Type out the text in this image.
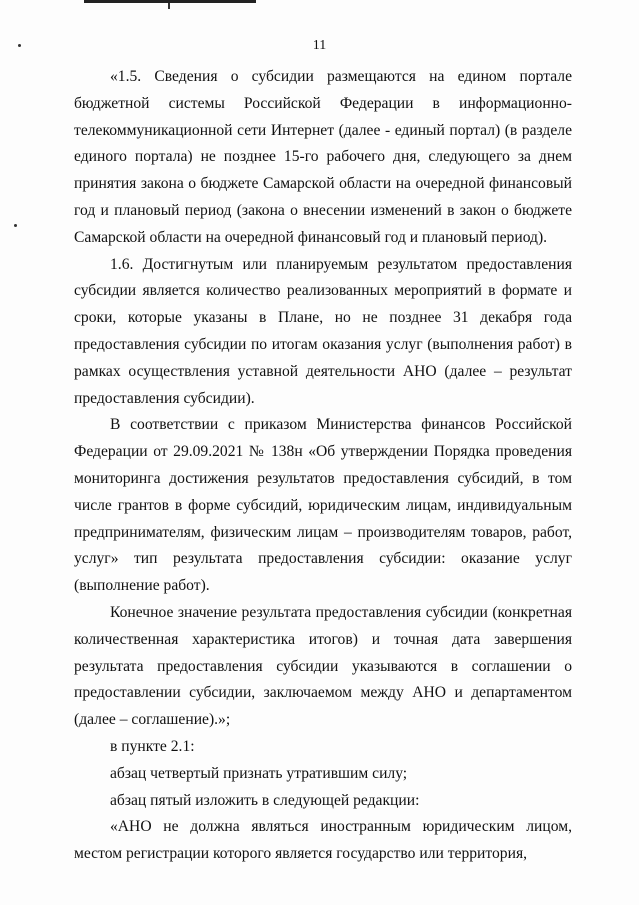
11

«1.5. Сведения о субсидии размещаются на едином портале бюджетной системы Российской Федерации в информационно-телекоммуникационной сети Интернет (далее - единый портал) (в разделе единого портала) не позднее 15-го рабочего дня, следующего за днем принятия закона о бюджете Самарской области на очередной финансовый год и плановый период (закона о внесении изменений в закон о бюджете Самарской области на очередной финансовый год и плановый период).

1.6. Достигнутым или планируемым результатом предоставления субсидии является количество реализованных мероприятий в формате и сроки, которые указаны в Плане, но не позднее 31 декабря года предоставления субсидии по итогам оказания услуг (выполнения работ) в рамках осуществления уставной деятельности АНО (далее – результат предоставления субсидии).

В соответствии с приказом Министерства финансов Российской Федерации от 29.09.2021 № 138н «Об утверждении Порядка проведения мониторинга достижения результатов предоставления субсидий, в том числе грантов в форме субсидий, юридическим лицам, индивидуальным предпринимателям, физическим лицам – производителям товаров, работ, услуг» тип результата предоставления субсидии: оказание услуг (выполнение работ).

Конечное значение результата предоставления субсидии (конкретная количественная характеристика итогов) и точная дата завершения результата предоставления субсидии указываются в соглашении о предоставлении субсидии, заключаемом между АНО и департаментом (далее – соглашение).»;

в пункте 2.1:

абзац четвертый признать утратившим силу;

абзац пятый изложить в следующей редакции:

«АНО не должна являться иностранным юридическим лицом, местом регистрации которого является государство или территория,
